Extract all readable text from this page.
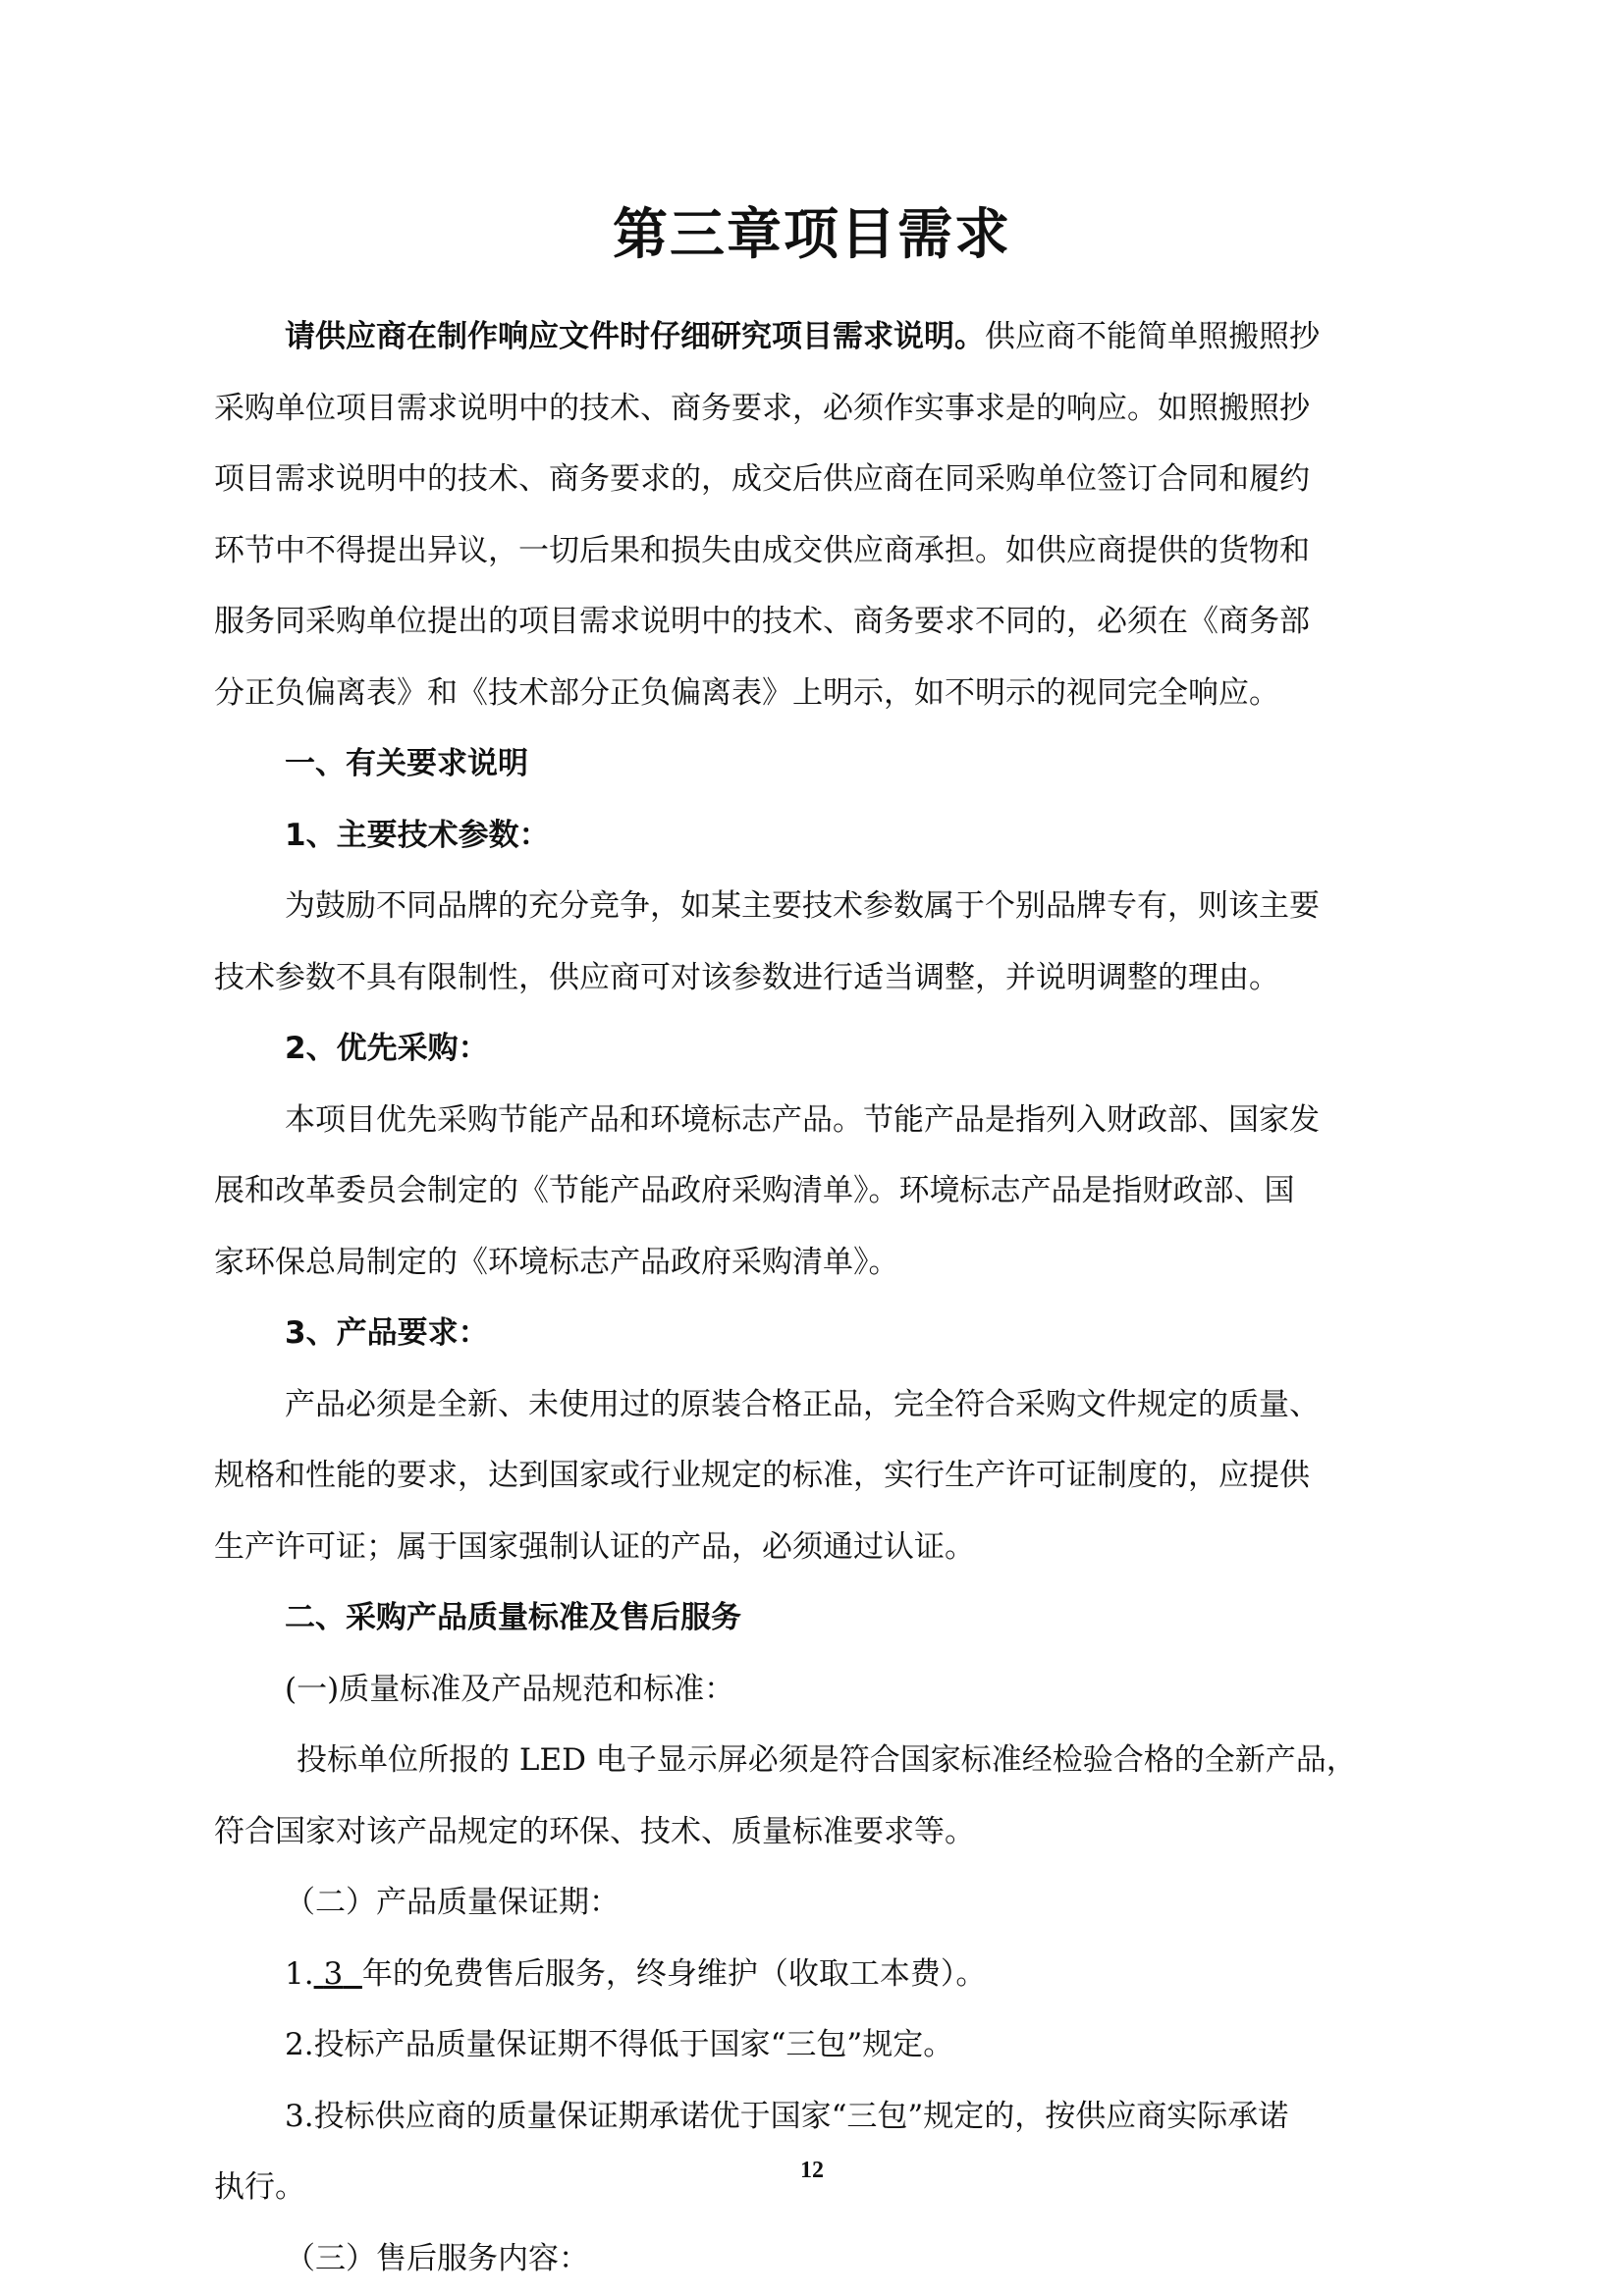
第三章项目需求
请供应商在制作响应文件时仔细研究项目需求说明。供应商不能简单照搬照抄
采购单位项目需求说明中的技术、商务要求，必须作实事求是的响应。如照搬照抄
项目需求说明中的技术、商务要求的，成交后供应商在同采购单位签订合同和履约
环节中不得提出异议，一切后果和损失由成交供应商承担。如供应商提供的货物和
服务同采购单位提出的项目需求说明中的技术、商务要求不同的，必须在《商务部
分正负偏离表》和《技术部分正负偏离表》上明示，如不明示的视同完全响应。
一、有关要求说明
1、主要技术参数：
为鼓励不同品牌的充分竞争，如某主要技术参数属于个别品牌专有，则该主要
技术参数不具有限制性，供应商可对该参数进行适当调整，并说明调整的理由。
2、优先采购：
本项目优先采购节能产品和环境标志产品。节能产品是指列入财政部、国家发
展和改革委员会制定的《节能产品政府采购清单》。环境标志产品是指财政部、国
家环保总局制定的《环境标志产品政府采购清单》。
3、产品要求：
产品必须是全新、未使用过的原装合格正品，完全符合采购文件规定的质量、
规格和性能的要求，达到国家或行业规定的标准，实行生产许可证制度的，应提供
生产许可证；属于国家强制认证的产品，必须通过认证。
二、采购产品质量标准及售后服务
(一)质量标准及产品规范和标准：
投标单位所报的 LED 电子显示屏必须是符合国家标准经检验合格的全新产品，
符合国家对该产品规定的环保、技术、质量标准要求等。
（二）产品质量保证期：
1. 3 年的免费售后服务，终身维护（收取工本费）。
2.投标产品质量保证期不得低于国家“三包”规定。
3.投标供应商的质量保证期承诺优于国家“三包”规定的，按供应商实际承诺
执行。
（三）售后服务内容：
12
